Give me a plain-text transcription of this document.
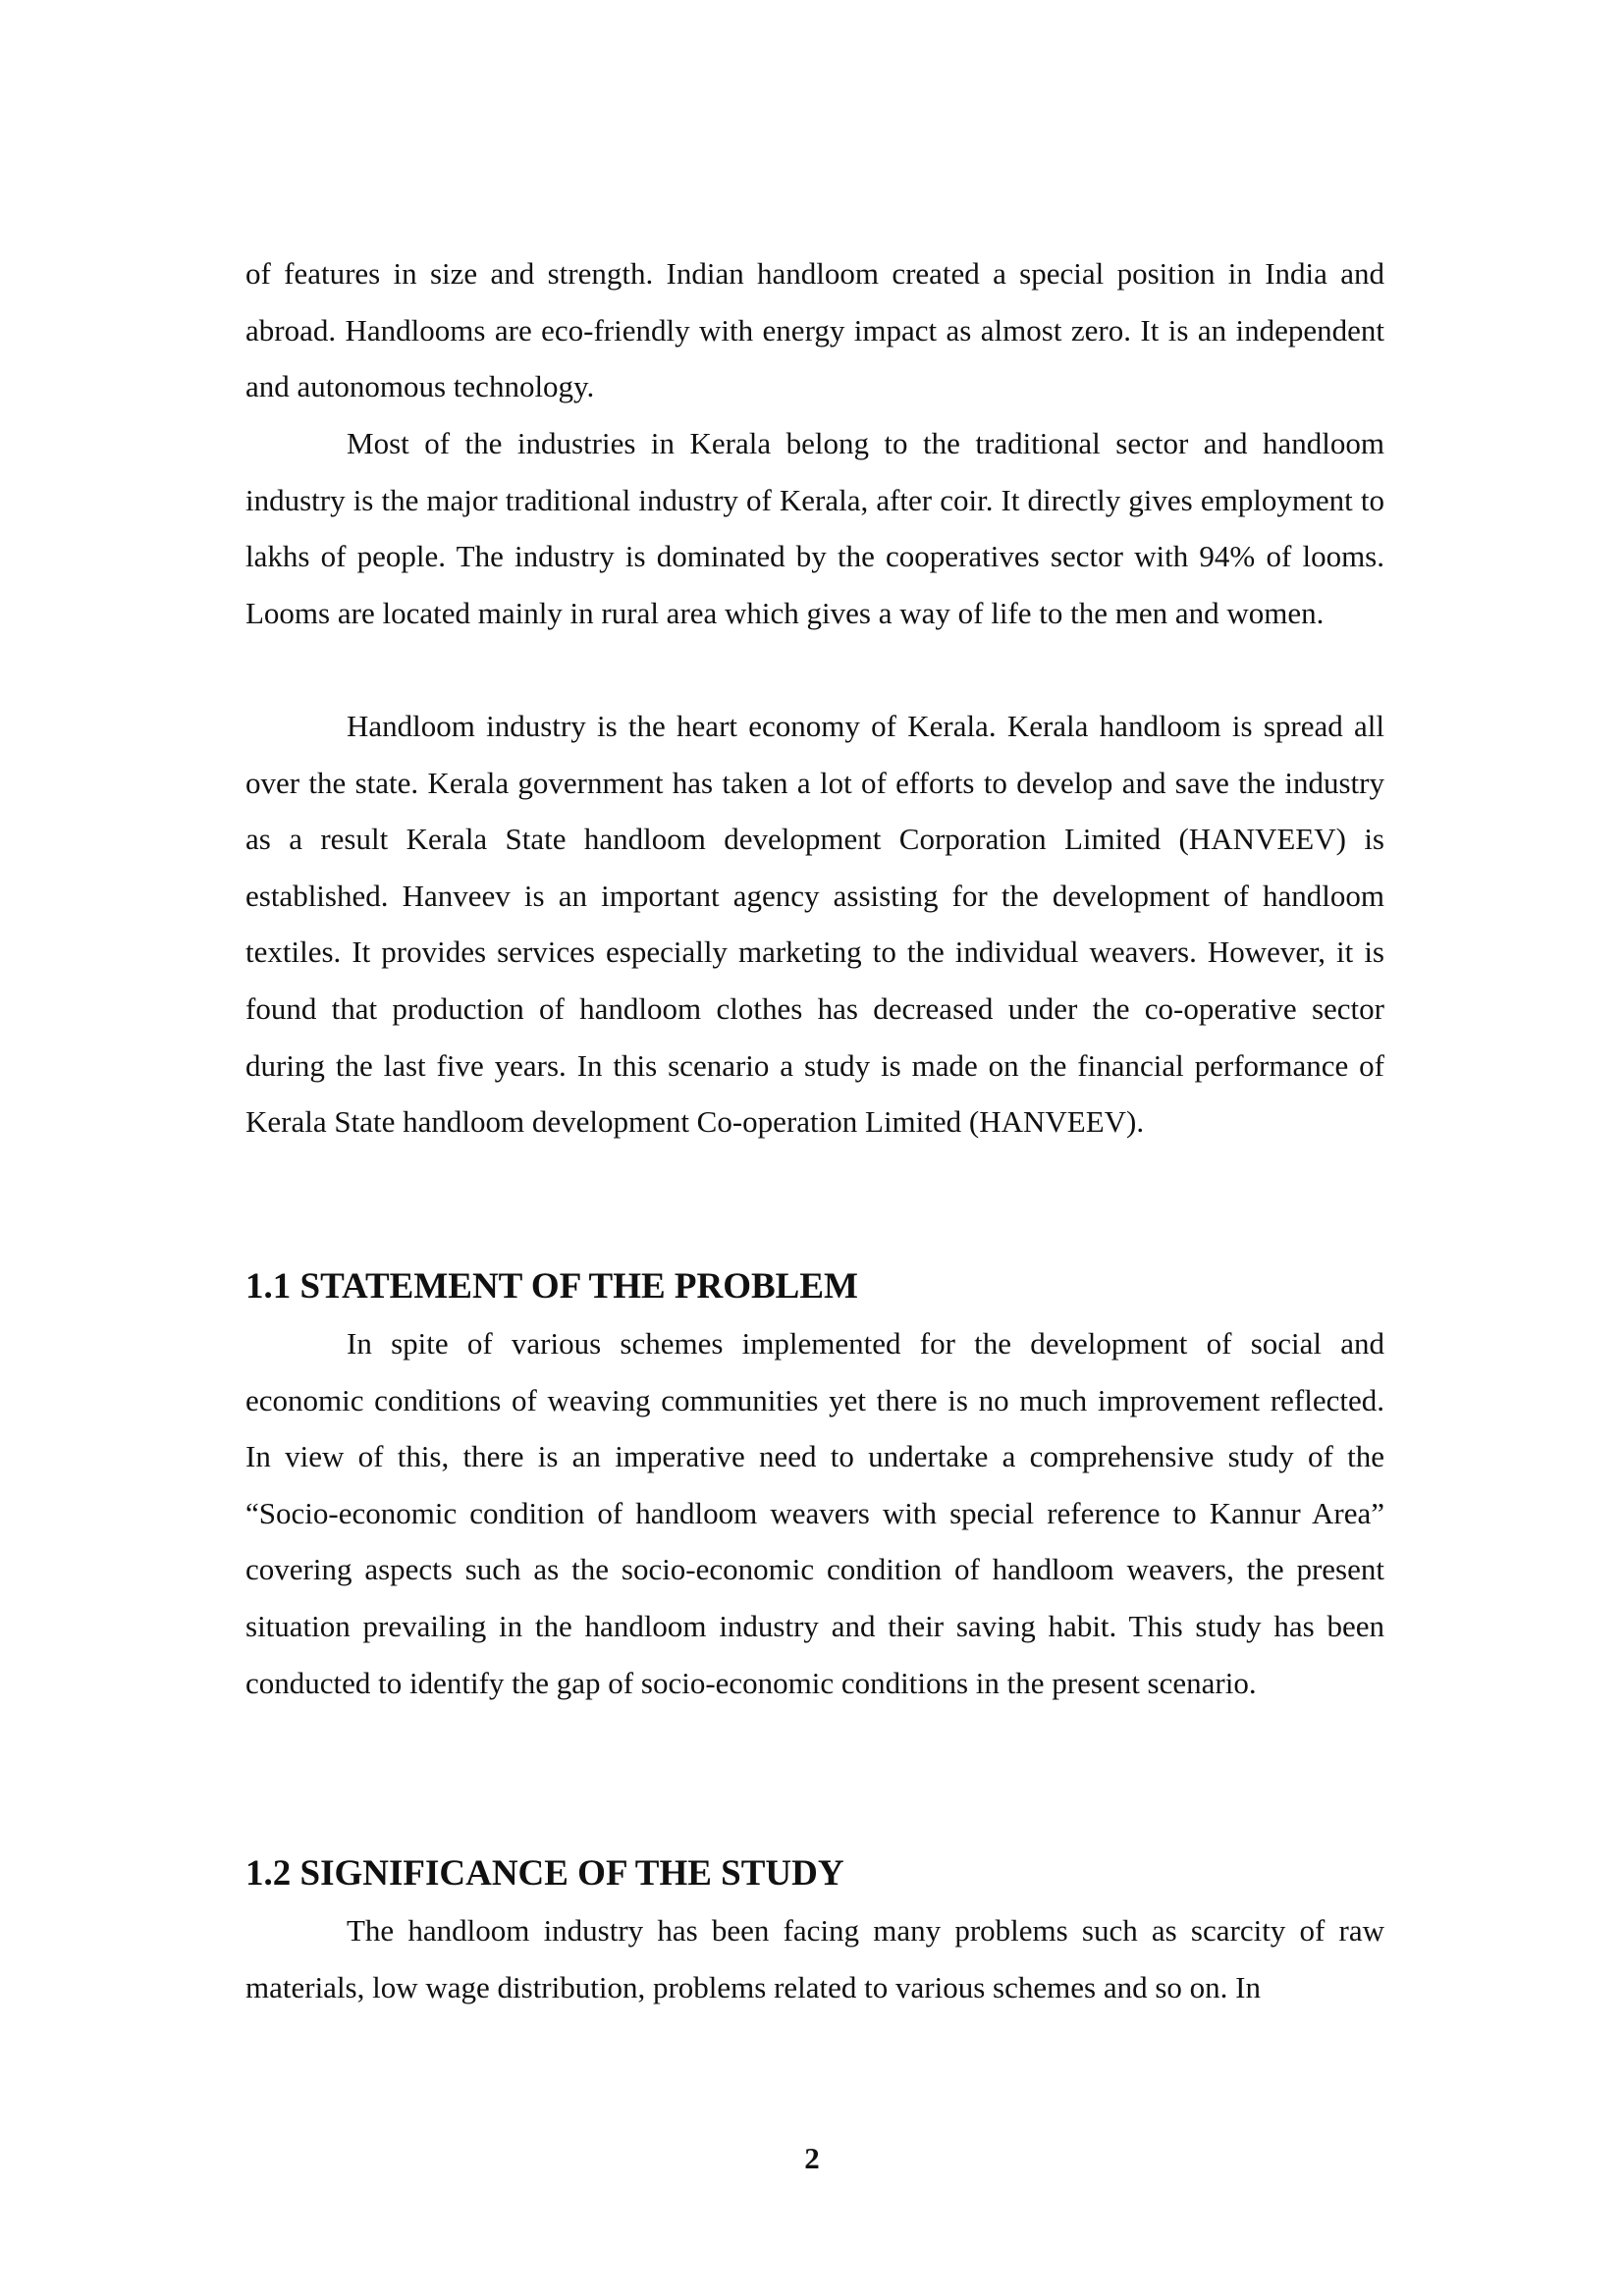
of features in size and strength. Indian handloom created a special position in India and abroad. Handlooms are eco-friendly with energy impact as almost zero. It is an independent and autonomous technology.

Most of the industries in Kerala belong to the traditional sector and handloom industry is the major traditional industry of Kerala, after coir. It directly gives employment to lakhs of people. The industry is dominated by the cooperatives sector with 94% of looms. Looms are located mainly in rural area which gives a way of life to the men and women.

Handloom industry is the heart economy of Kerala. Kerala handloom is spread all over the state. Kerala government has taken a lot of efforts to develop and save the industry as a result Kerala State handloom development Corporation Limited (HANVEEV) is established. Hanveev is an important agency assisting for the development of handloom textiles. It provides services especially marketing to the individual weavers. However, it is found that production of handloom clothes has decreased under the co-operative sector during the last five years. In this scenario a study is made on the financial performance of Kerala State handloom development Co-operation Limited (HANVEEV).

1.1 STATEMENT OF THE PROBLEM

In spite of various schemes implemented for the development of social and economic conditions of weaving communities yet there is no much improvement reflected. In view of this, there is an imperative need to undertake a comprehensive study of the “Socio-economic condition of handloom weavers with special reference to Kannur Area” covering aspects such as the socio-economic condition of handloom weavers, the present situation prevailing in the handloom industry and their saving habit. This study has been conducted to identify the gap of socio-economic conditions in the present scenario.

1.2 SIGNIFICANCE OF THE STUDY

The handloom industry has been facing many problems such as scarcity of raw materials, low wage distribution, problems related to various schemes and so on. In

2
